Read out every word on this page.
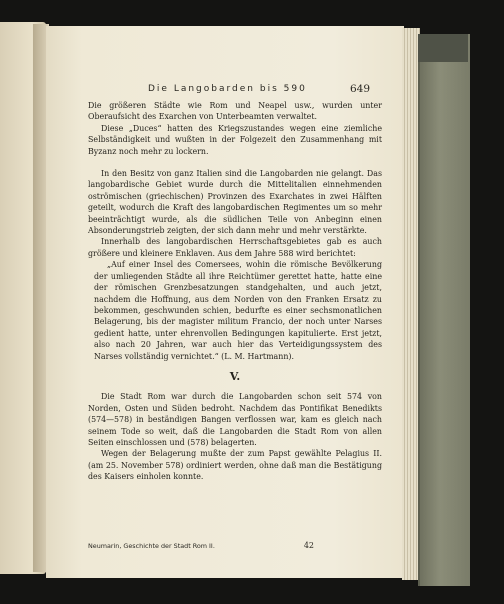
Die Langobarden bis 590	649

Die größeren Städte wie Rom und Neapel usw., wurden unter Oberaufsicht des Exarchen von Unterbeamten verwaltet.

Diese „Duces“ hatten des Kriegszustandes wegen eine ziemliche Selbständigkeit und wußten in der Folgezeit den Zusammenhang mit Byzanz noch mehr zu lockern.

In den Besitz von ganz Italien sind die Langobarden nie gelangt. Das langobardische Gebiet wurde durch die Mittelitalien einnehmenden oströmischen (griechischen) Provinzen des Exarchates in zwei Hälften geteilt, wodurch die Kraft des langobardischen Regimentes um so mehr beeinträchtigt wurde, als die südlichen Teile von Anbeginn einen Absonderungstrieb zeigten, der sich dann mehr und mehr verstärkte.

Innerhalb des langobardischen Herrschaftsgebietes gab es auch größere und kleinere Enklaven. Aus dem Jahre 588 wird berichtet:

„Auf einer Insel des Comersees, wohin die römische Bevölkerung der umliegenden Städte all ihre Reichtümer gerettet hatte, hatte eine der römischen Grenzbesatzungen standgehalten, und auch jetzt, nachdem die Hoffnung, aus dem Norden von den Franken Ersatz zu bekommen, geschwunden schien, bedurfte es einer sechsmonatlichen Belagerung, bis der magister militum Francio, der noch unter Narses gedient hatte, unter ehrenvollen Bedingungen kapitulierte. Erst jetzt, also nach 20 Jahren, war auch hier das Verteidigungssystem des Narses vollständig vernichtet.“ (L. M. Hartmann).

V.

Die Stadt Rom war durch die Langobarden schon seit 574 von Norden, Osten und Süden bedroht. Nachdem das Pontifikat Benedikts (574—578) in beständigen Bangen verflossen war, kam es gleich nach seinem Tode so weit, daß die Langobarden die Stadt Rom von allen Seiten einschlossen und (578) belagerten.

Wegen der Belagerung mußte der zum Papst gewählte Pelagius II. (am 25. November 578) ordiniert werden, ohne daß man die Bestätigung des Kaisers einholen konnte.

Neumarin, Geschichte der Stadt Rom II.	42
